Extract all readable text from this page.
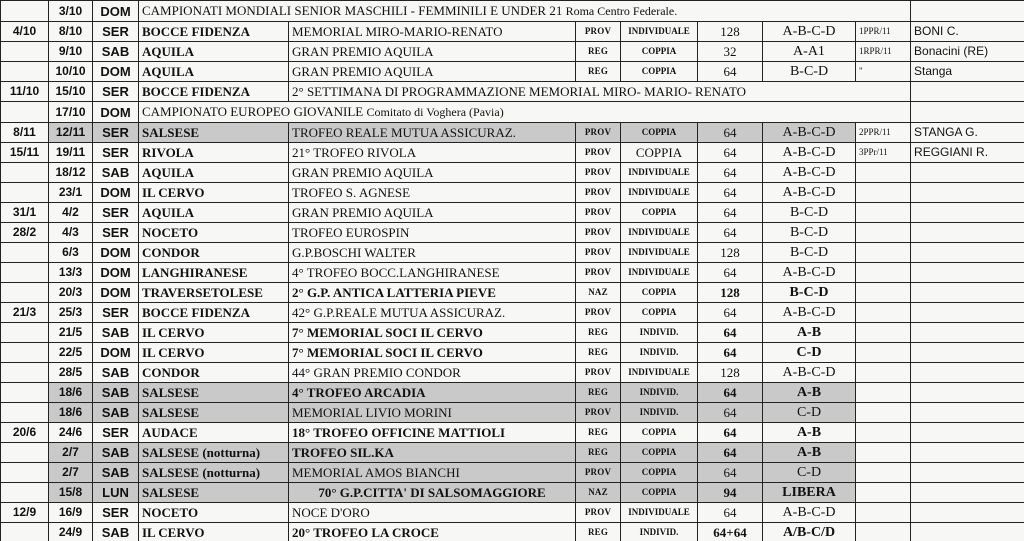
	3/10	DOM	CAMPIONATI MONDIALI SENIOR MASCHILI - FEMMINILI E UNDER 21 Roma Centro Federale.								
4/10	8/10	SER	BOCCE FIDENZA	MEMORIAL MIRO-MARIO-RENATO	PROV	INDIVIDUALE	128	A-B-C-D	1PPR/11	BONI C.	
	9/10	SAB	AQUILA	GRAN PREMIO AQUILA	REG	COPPIA	32	A-A1	1RPR/11	Bonacini (RE)	
	10/10	DOM	AQUILA	GRAN PREMIO AQUILA	REG	COPPIA	64	B-C-D	"	Stanga	
11/10	15/10	SER	BOCCE FIDENZA	2° SETTIMANA DI PROGRAMMAZIONE MEMORIAL MIRO- MARIO- RENATO							
	17/10	DOM	CAMPIONATO EUROPEO GIOVANILE Comitato di Voghera (Pavia)								
8/11	12/11	SER	SALSESE	TROFEO REALE MUTUA ASSICURAZ.	PROV	COPPIA	64	A-B-C-D	2PPR/11	STANGA G.	
15/11	19/11	SER	RIVOLA	21° TROFEO RIVOLA	PROV	COPPIA	64	A-B-C-D	3PPr/11	REGGIANI R.	
	18/12	SAB	AQUILA	GRAN PREMIO AQUILA	PROV	INDIVIDUALE	64	A-B-C-D			
	23/1	DOM	IL CERVO	TROFEO S. AGNESE	PROV	INDIVIDUALE	64	A-B-C-D			
31/1	4/2	SER	AQUILA	GRAN PREMIO AQUILA	PROV	COPPIA	64	B-C-D			
28/2	4/3	SER	NOCETO	TROFEO EUROSPIN	PROV	INDIVIDUALE	64	B-C-D			
	6/3	DOM	CONDOR	G.P.BOSCHI WALTER	PROV	INDIVIDUALE	128	B-C-D			
	13/3	DOM	LANGHIRANESE	4° TROFEO BOCC.LANGHIRANESE	PROV	INDIVIDUALE	64	A-B-C-D			
	20/3	DOM	TRAVERSETOLESE	2° G.P. ANTICA LATTERIA PIEVE	NAZ	COPPIA	128	B-C-D			
21/3	25/3	SER	BOCCE FIDENZA	42° G.P.REALE MUTUA ASSICURAZ.	PROV	COPPIA	64	A-B-C-D			
	21/5	SAB	IL CERVO	7° MEMORIAL SOCI IL CERVO	REG	INDIVID.	64	A-B			
	22/5	DOM	IL CERVO	7° MEMORIAL SOCI IL CERVO	REG	INDIVID.	64	C-D			
	28/5	SAB	CONDOR	44° GRAN PREMIO CONDOR	PROV	INDIVIDUALE	128	A-B-C-D			
	18/6	SAB	SALSESE	4° TROFEO ARCADIA	REG	INDIVID.	64	A-B			
	18/6	SAB	SALSESE	MEMORIAL LIVIO MORINI	PROV	INDIVID.	64	C-D			
20/6	24/6	SER	AUDACE	18° TROFEO OFFICINE MATTIOLI	REG	COPPIA	64	A-B			
	2/7	SAB	SALSESE (notturna)	TROFEO SIL.KA	REG	COPPIA	64	A-B			
	2/7	SAB	SALSESE (notturna)	MEMORIAL AMOS BIANCHI	PROV	COPPIA	64	C-D			
	15/8	LUN	SALSESE	70° G.P.CITTA' DI SALSOMAGGIORE	NAZ	COPPIA	94	LIBERA			
12/9	16/9	SER	NOCETO	NOCE D'ORO	PROV	INDIVIDUALE	64	A-B-C-D			
	24/9	SAB	IL CERVO	20° TROFEO LA CROCE	REG	INDIVID.	64+64	A/B-C/D			
